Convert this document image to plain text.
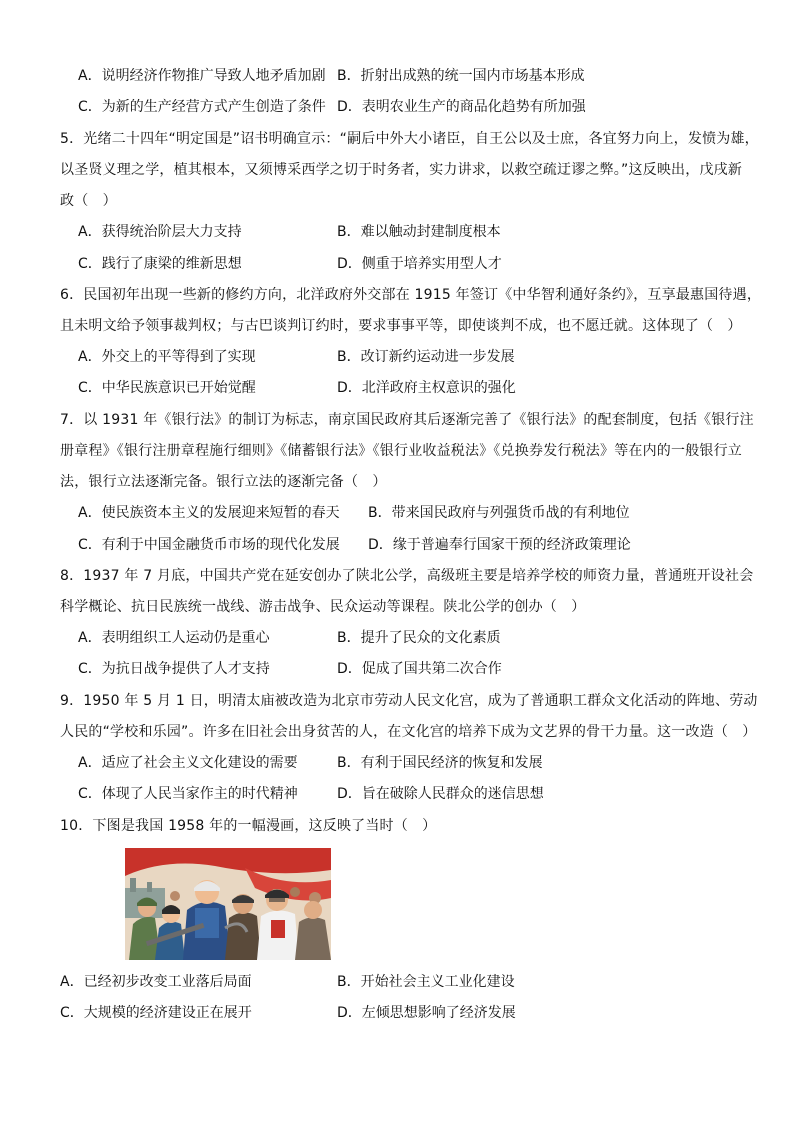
A．说明经济作物推广导致人地矛盾加剧 B．折射出成熟的统一国内市场基本形成
C．为新的生产经营方式产生创造了条件 D．表明农业生产的商品化趋势有所加强
5．光绪二十四年“明定国是”诏书明确宣示：“嗣后中外大小诸臣，自王公以及士庶，各宜努力向上，发愤为雄，
以圣贤义理之学，植其根本，又须博采西学之切于时务者，实力讲求，以救空疏迂谬之弊。”这反映出，戊戌新
政（　）
A．获得统治阶层大力支持	B．难以触动封建制度根本
C．践行了康梁的维新思想	D．侧重于培养实用型人才
6．民国初年出现一些新的修约方向，北洋政府外交部在 1915 年签订《中华智利通好条约》，互享最惠国待遇，
且未明文给予领事裁判权；与古巴谈判订约时，要求事事平等，即使谈判不成，也不愿迁就。这体现了（　）
A．外交上的平等得到了实现	B．改订新约运动进一步发展
C．中华民族意识已开始觉醒	D．北洋政府主权意识的强化
7．以 1931 年《银行法》的制订为标志，南京国民政府其后逐渐完善了《银行法》的配套制度，包括《银行注
册章程》《银行注册章程施行细则》《储蓄银行法》《银行业收益税法》《兑换券发行税法》等在内的一般银行立
法，银行立法逐渐完备。银行立法的逐渐完备（　）
A．使民族资本主义的发展迎来短暂的春天 B．带来国民政府与列强货币战的有利地位
C．有利于中国金融货币市场的现代化发展 D．缘于普遍奉行国家干预的经济政策理论
8．1937 年 7 月底，中国共产党在延安创办了陕北公学，高级班主要是培养学校的师资力量，普通班开设社会
科学概论、抗日民族统一战线、游击战争、民众运动等课程。陕北公学的创办（　）
A．表明组织工人运动仍是重心	B．提升了民众的文化素质
C．为抗日战争提供了人才支持	D．促成了国共第二次合作
9．1950 年 5 月 1 日，明清太庙被改造为北京市劳动人民文化宫，成为了普通职工群众文化活动的阵地、劳动
人民的“学校和乐园”。许多在旧社会出身贫苦的人，在文化宫的培养下成为文艺界的骨干力量。这一改造（　）
A．适应了社会主义文化建设的需要	B．有利于国民经济的恢复和发展
C．体现了人民当家作主的时代精神	D．旨在破除人民群众的迷信思想
10．下图是我国 1958 年的一幅漫画，这反映了当时（　）
A．已经初步改变工业落后局面	B．开始社会主义工业化建设
C．大规模的经济建设正在展开	D．左倾思想影响了经济发展
